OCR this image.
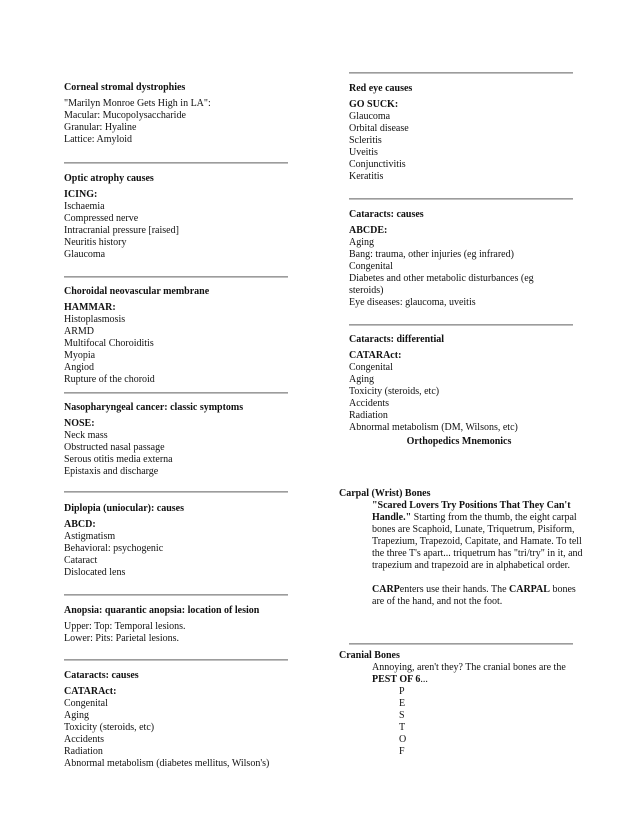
Corneal stromal dystrophies
"Marilyn Monroe Gets High in LA":
Macular: Mucopolysaccharide
Granular: Hyaline
Lattice: Amyloid
Optic atrophy causes
ICING:
Ischaemia
Compressed nerve
Intracranial pressure [raised]
Neuritis history
Glaucoma
Choroidal neovascular membrane
HAMMAR:
Histoplasmosis
ARMD
Multifocal Choroiditis
Myopia
Angiod
Rupture of the choroid
Nasopharyngeal cancer: classic symptoms
NOSE:
Neck mass
Obstructed nasal passage
Serous otitis media externa
Epistaxis and discharge
Diplopia (uniocular): causes
ABCD:
Astigmatism
Behavioral: psychogenic
Cataract
Dislocated lens
Anopsia: quarantic anopsia: location of lesion
Upper: Top: Temporal lesions.
Lower: Pits: Parietal lesions.
Cataracts: causes
CATARAct:
Congenital
Aging
Toxicity (steroids, etc)
Accidents
Radiation
Abnormal metabolism (diabetes mellitus, Wilson's)
Red eye causes
GO SUCK:
Glaucoma
Orbital disease
Scleritis
Uveitis
Conjunctivitis
Keratitis
Cataracts: causes
ABCDE:
Aging
Bang: trauma, other injuries (eg infrared)
Congenital
Diabetes and other metabolic disturbances (eg steroids)
Eye diseases: glaucoma, uveitis
Cataracts: differential
CATARAct:
Congenital
Aging
Toxicity (steroids, etc)
Accidents
Radiation
Abnormal metabolism (DM, Wilsons, etc)
Orthopedics Mnemonics
Carpal (Wrist) Bones
"Scared Lovers Try Positions That They Can't Handle." Starting from the thumb, the eight carpal bones are Scaphoid, Lunate, Triquetrum, Pisiform, Trapezium, Trapezoid, Capitate, and Hamate. To tell the three T's apart... triquetrum has "tri/try" in it, and trapezium and trapezoid are in alphabetical order.
CARPenters use their hands. The CARPAL bones are of the hand, and not the foot.
Cranial Bones
Annoying, aren't they? The cranial bones are the
PEST OF 6...
P
E
S
T
O
F
